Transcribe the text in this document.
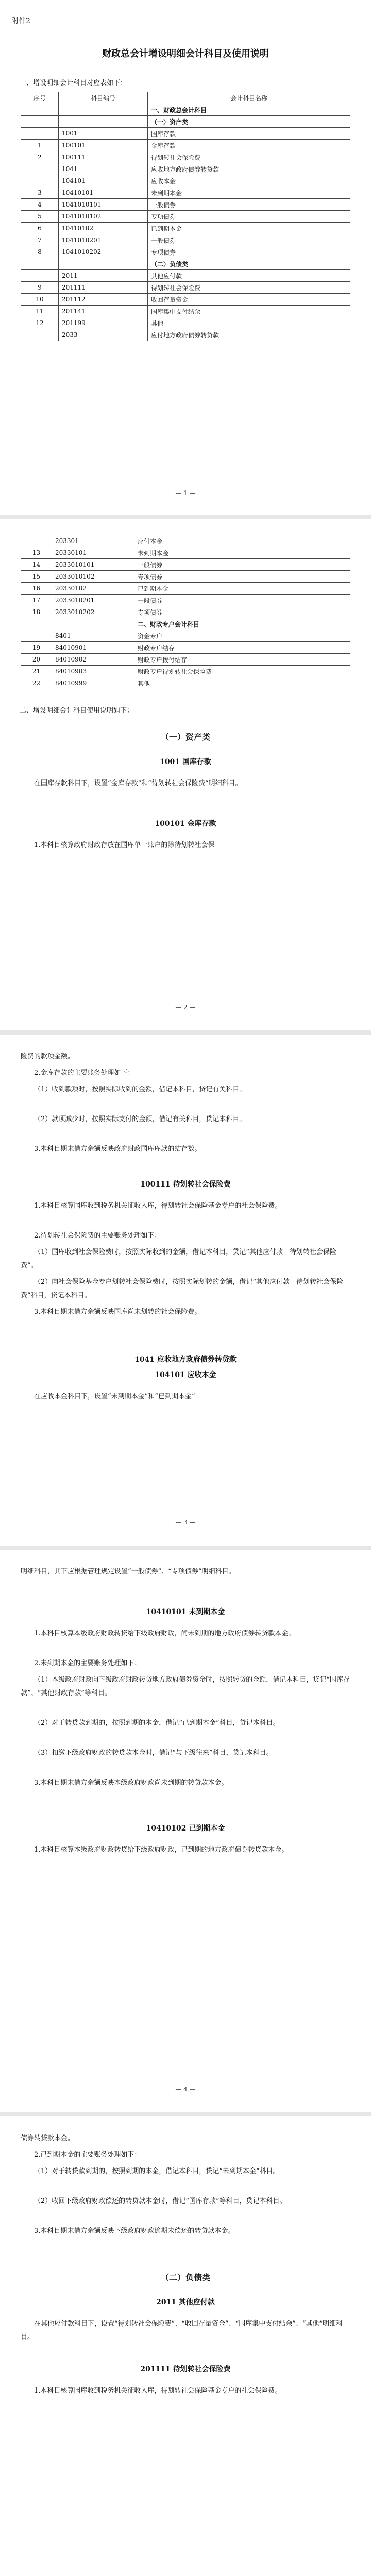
附件2
财政总会计增设明细会计科目及使用说明
一、增设明细会计科目对应表如下：
序号	科目编号	会计科目名称
		一、财政总会计科目
		（一）资产类
	1001	国库存款
1	100101	金库存款
2	100111	待划转社会保险费
	1041	应收地方政府债券转贷款
	104101	应收本金
3	10410101	未到期本金
4	1041010101	一般债券
5	1041010102	专项债券
6	10410102	已到期本金
7	1041010201	一般债券
8	1041010202	专项债券
		（二）负债类
	2011	其他应付款
9	201111	待划转社会保险费
10	201112	收回存量资金
11	201141	国库集中支付结余
12	201199	其他
	2033	应付地方政府债券转贷款
— 1 —
	203301	应付本金
13	20330101	未到期本金
14	2033010101	一般债券
15	2033010102	专项债券
16	20330102	已到期本金
17	2033010201	一般债券
18	2033010202	专项债券
		二、财政专户会计科目
	8401	资金专户
19	84010901	财政专户结存
20	84010902	财政专户拨付结存
21	84010903	财政专户待划转社会保险费
22	84010999	其他
二、增设明细会计科目使用说明如下：
（一）资产类
1001 国库存款

在国库存款科目下，设置“金库存款”和“待划转社会保险费”明细科目。

100101 金库存款

1.本科目核算政府财政存放在国库单一账户的除待划转社会保

— 2 —

险费的款项金额。

2.金库存款的主要账务处理如下：

（1）收到款项时，按照实际收到的金额，借记本科目，贷记有关科目。

（2）款项减少时，按照实际支付的金额，借记有关科目，贷记本科目。

3.本科目期末借方余额反映政府财政国库库款的结存数。

100111 待划转社会保险费

1.本科目核算国库收到税务机关征收入库，待划转社会保险基金专户的社会保险费。

2.待划转社会保险费的主要账务处理如下：

（1）国库收到社会保险费时，按照实际收到的金额，借记本科目，贷记“其他应付款—待划转社会保险费”。

（2）向社会保险基金专户划转社会保险费时，按照实际划转的金额，借记“其他应付款—待划转社会保险费”科目，贷记本科目。

3.本科目期末借方余额反映国库尚未划转的社会保险费。

1041 应收地方政府债券转贷款
104101 应收本金

在应收本金科目下，设置“未到期本金”和“已到期本金”

— 3 —

明细科目，其下应根据管理规定设置“一般债券”、“专项债券”明细科目。

10410101 未到期本金

1.本科目核算本级政府财政转贷给下级政府财政，尚未到期的地方政府债券转贷款本金。

2.未到期本金的主要账务处理如下：

（1）本级政府财政向下级政府财政转贷地方政府债券资金时，按照转贷的金额，借记本科目，贷记“国库存款”、“其他财政存款”等科目。

（2）对于转贷款到期的，按照到期的本金，借记“已到期本金”科目，贷记本科目。

（3）扣缴下级政府财政的转贷款本金时，借记“与下级往来”科目，贷记本科目。

3.本科目期末借方余额反映本级政府财政尚未到期的转贷款本金。

10410102 已到期本金

1.本科目核算本级政府财政转贷给下级政府财政，已到期的地方政府债券转贷款本金。

— 4 —

债券转贷款本金。

2.已到期本金的主要账务处理如下：

（1）对于转贷款到期的，按照到期的本金，借记本科目，贷记“未到期本金”科目。

（2）收回下级政府财政偿还的转贷款本金时，借记“国库存款”等科目，贷记本科目。

3.本科目期末借方余额反映下级政府财政逾期未偿还的转贷款本金。

（二）负债类
2011 其他应付款

在其他应付款科目下，设置“待划转社会保险费”、“收回存量资金”、“国库集中支付结余”、“其他”明细科目。

201111 待划转社会保险费

1.本科目核算国库收到税务机关征收入库，待划转社会保险基金专户的社会保险费。
